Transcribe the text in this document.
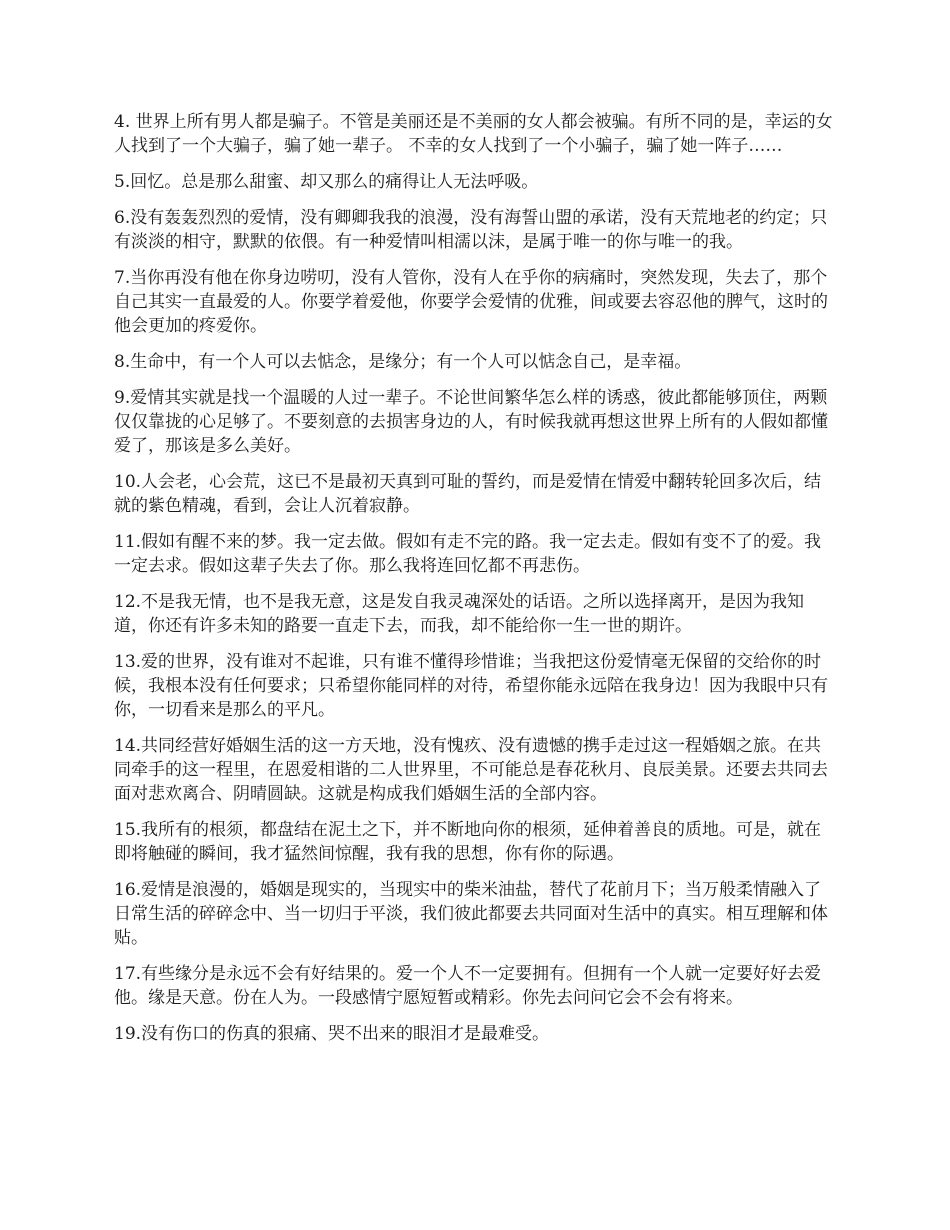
4. 世界上所有男人都是骗子。不管是美丽还是不美丽的女人都会被骗。有所不同的是，幸运的女人找到了一个大骗子，骗了她一辈子。 不幸的女人找到了一个小骗子，骗了她一阵子……

5.回忆。总是那么甜蜜、却又那么的痛得让人无法呼吸。

6.没有轰轰烈烈的爱情，没有卿卿我我的浪漫，没有海誓山盟的承诺，没有天荒地老的约定；只有淡淡的相守，默默的依偎。有一种爱情叫相濡以沫，是属于唯一的你与唯一的我。

7.当你再没有他在你身边唠叨，没有人管你，没有人在乎你的病痛时，突然发现，失去了，那个自己其实一直最爱的人。你要学着爱他，你要学会爱情的优雅，间或要去容忍他的脾气，这时的他会更加的疼爱你。

8.生命中，有一个人可以去惦念，是缘分；有一个人可以惦念自己，是幸福。

9.爱情其实就是找一个温暖的人过一辈子。不论世间繁华怎么样的诱惑，彼此都能够顶住，两颗仅仅靠拢的心足够了。不要刻意的去损害身边的人，有时候我就再想这世界上所有的人假如都懂爱了，那该是多么美好。

10.人会老，心会荒，这已不是最初天真到可耻的誓约，而是爱情在情爱中翻转轮回多次后，结就的紫色精魂，看到，会让人沉着寂静。

11.假如有醒不来的梦。我一定去做。假如有走不完的路。我一定去走。假如有变不了的爱。我一定去求。假如这辈子失去了你。那么我将连回忆都不再悲伤。

12.不是我无情，也不是我无意，这是发自我灵魂深处的话语。之所以选择离开，是因为我知道，你还有许多未知的路要一直走下去，而我，却不能给你一生一世的期许。

13.爱的世界，没有谁对不起谁，只有谁不懂得珍惜谁；当我把这份爱情毫无保留的交给你的时候，我根本没有任何要求；只希望你能同样的对待，希望你能永远陪在我身边！因为我眼中只有你，一切看来是那么的平凡。

14.共同经营好婚姻生活的这一方天地，没有愧疚、没有遗憾的携手走过这一程婚姻之旅。在共同牵手的这一程里，在恩爱相谐的二人世界里，不可能总是春花秋月、良辰美景。还要去共同去面对悲欢离合、阴晴圆缺。这就是构成我们婚姻生活的全部内容。

15.我所有的根须，都盘结在泥土之下，并不断地向你的根须，延伸着善良的质地。可是，就在即将触碰的瞬间，我才猛然间惊醒，我有我的思想，你有你的际遇。

16.爱情是浪漫的，婚姻是现实的，当现实中的柴米油盐，替代了花前月下；当万般柔情融入了日常生活的碎碎念中、当一切归于平淡，我们彼此都要去共同面对生活中的真实。相互理解和体贴。

17.有些缘分是永远不会有好结果的。爱一个人不一定要拥有。但拥有一个人就一定要好好去爱他。缘是天意。份在人为。一段感情宁愿短暂或精彩。你先去问问它会不会有将来。

19.没有伤口的伤真的狠痛、哭不出来的眼泪才是最难受。
